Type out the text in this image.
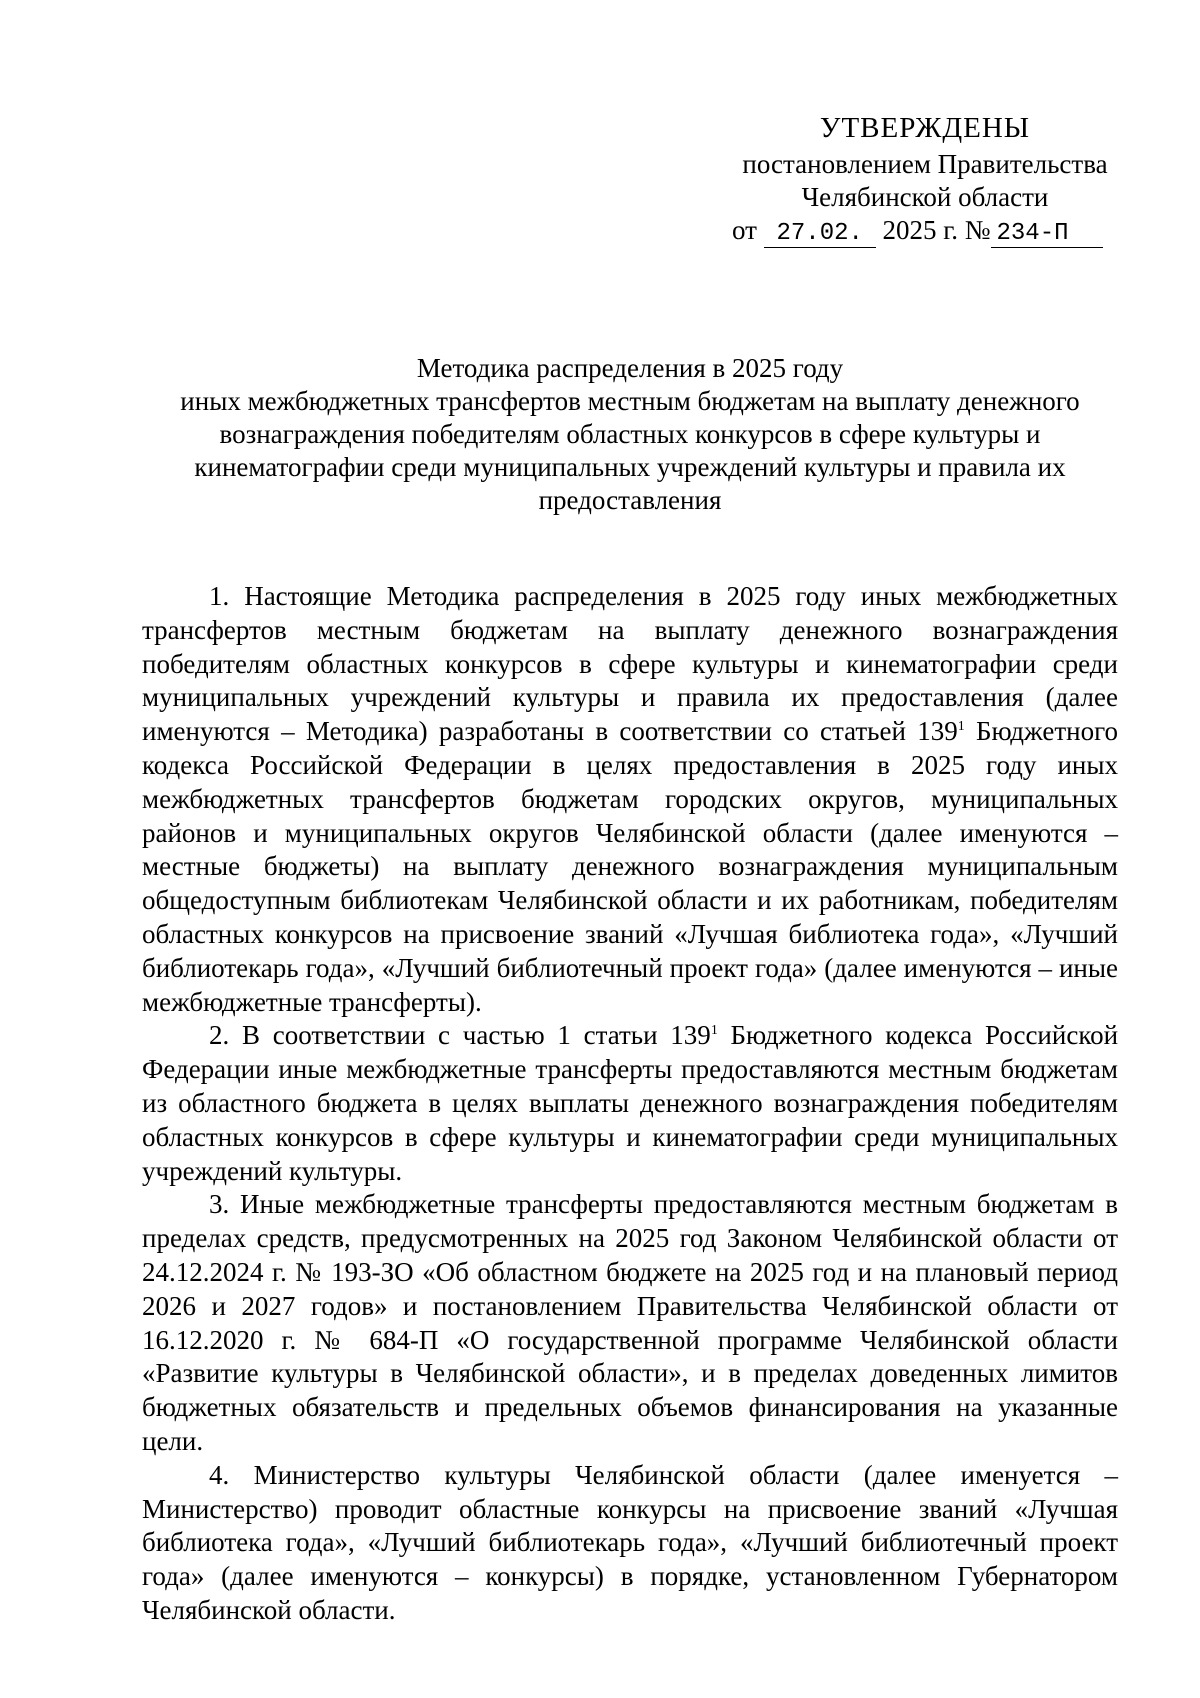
УТВЕРЖДЕНЫ
постановлением Правительства
Челябинской области
от 27.02. 2025 г. № 234-П
Методика распределения в 2025 году
иных межбюджетных трансфертов местным бюджетам на выплату денежного
вознаграждения победителям областных конкурсов в сфере культуры и
кинематографии среди муниципальных учреждений культуры и правила их
предоставления

1. Настоящие Методика распределения в 2025 году иных межбюджетных трансфертов местным бюджетам на выплату денежного вознаграждения победителям областных конкурсов в сфере культуры и кинематографии среди муниципальных учреждений культуры и правила их предоставления (далее именуются – Методика) разработаны в соответствии со статьей $139^1$ Бюджетного кодекса Российской Федерации в целях предоставления в 2025 году иных межбюджетных трансфертов бюджетам городских округов, муниципальных районов и муниципальных округов Челябинской области (далее именуются – местные бюджеты) на выплату денежного вознаграждения муниципальным общедоступным библиотекам Челябинской области и их работникам, победителям областных конкурсов на присвоение званий «Лучшая библиотека года», «Лучший библиотекарь года», «Лучший библиотечный проект года» (далее именуются – иные межбюджетные трансферты).

2. В соответствии с частью 1 статьи $139^1$ Бюджетного кодекса Российской Федерации иные межбюджетные трансферты предоставляются местным бюджетам из областного бюджета в целях выплаты денежного вознаграждения победителям областных конкурсов в сфере культуры и кинематографии среди муниципальных учреждений культуры.

3. Иные межбюджетные трансферты предоставляются местным бюджетам в пределах средств, предусмотренных на 2025 год Законом Челябинской области от 24.12.2024 г. № 193-ЗО «Об областном бюджете на 2025 год и на плановый период 2026 и 2027 годов» и постановлением Правительства Челябинской области от 16.12.2020 г. № 684-П «О государственной программе Челябинской области «Развитие культуры в Челябинской области», и в пределах доведенных лимитов бюджетных обязательств и предельных объемов финансирования на указанные цели.

4. Министерство культуры Челябинской области (далее именуется – Министерство) проводит областные конкурсы на присвоение званий «Лучшая библиотека года», «Лучший библиотекарь года», «Лучший библиотечный проект года» (далее именуются – конкурсы) в порядке, установленном Губернатором Челябинской области.
